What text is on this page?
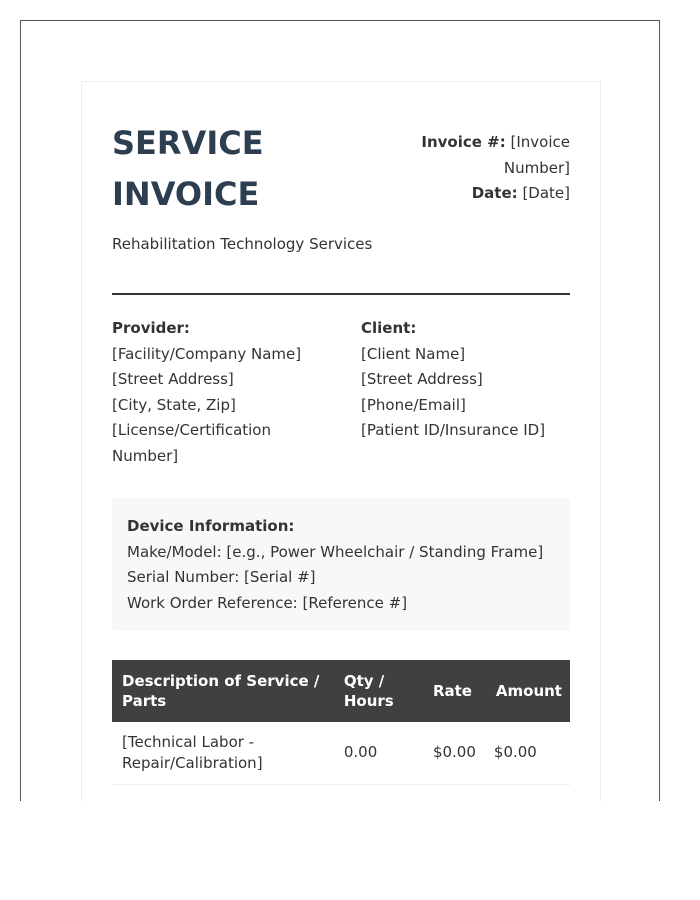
SERVICE INVOICE
Invoice #: [Invoice Number]
Date: [Date]
Rehabilitation Technology Services
Provider:
[Facility/Company Name]
[Street Address]
[City, State, Zip]
[License/Certification Number]
Client:
[Client Name]
[Street Address]
[Phone/Email]
[Patient ID/Insurance ID]
Device Information:
Make/Model: [e.g., Power Wheelchair / Standing Frame]
Serial Number: [Serial #]
Work Order Reference: [Reference #]
Description of Service / Parts	Qty / Hours	Rate	Amount
[Technical Labor - Repair/Calibration]	0.00	$0.00	$0.00
